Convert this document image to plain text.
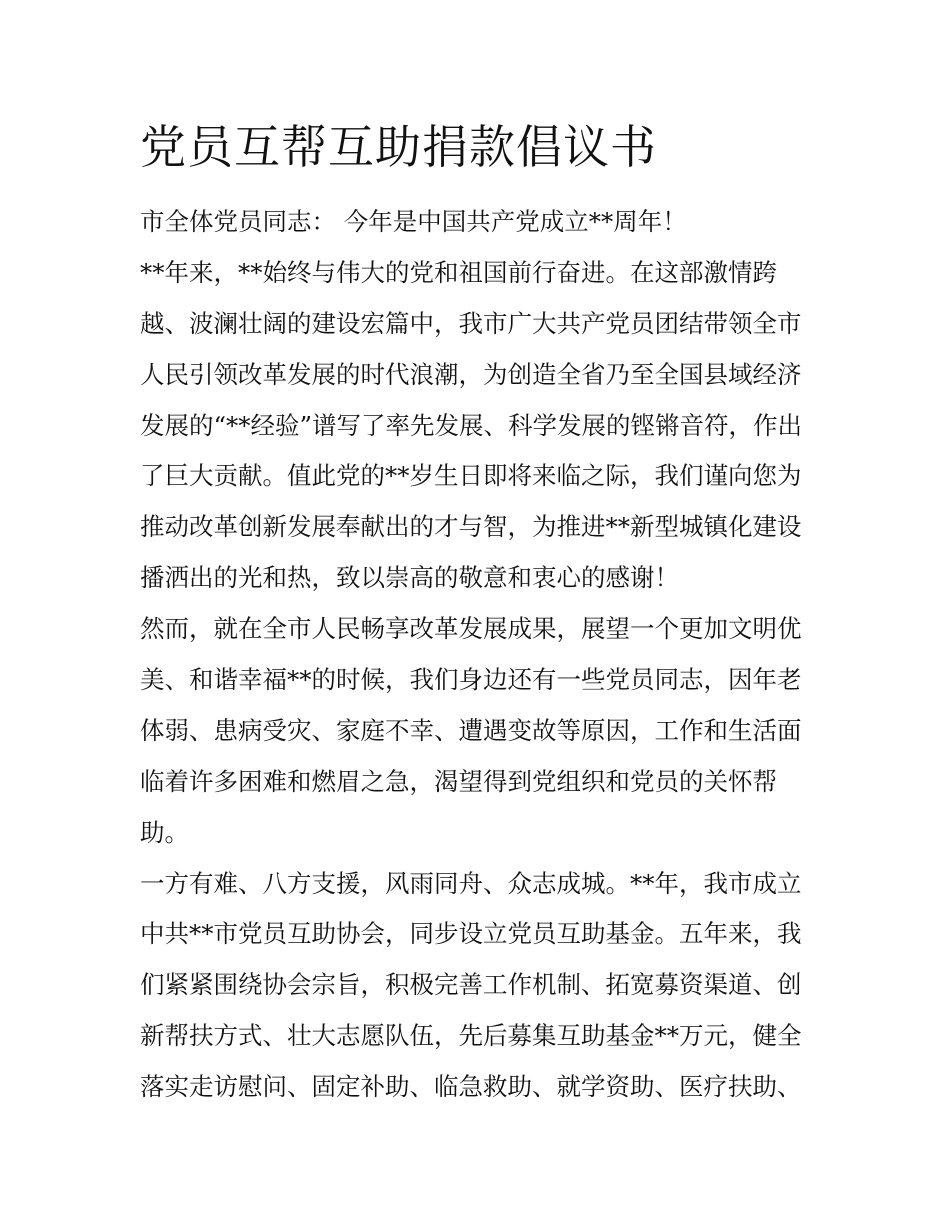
党员互帮互助捐款倡议书
市全体党员同志： 今年是中国共产党成立**周年！
**年来，**始终与伟大的党和祖国前行奋进。在这部激情跨
越、波澜壮阔的建设宏篇中，我市广大共产党员团结带领全市
人民引领改革发展的时代浪潮，为创造全省乃至全国县域经济
发展的“**经验”谱写了率先发展、科学发展的铿锵音符，作出
了巨大贡献。值此党的**岁生日即将来临之际，我们谨向您为
推动改革创新发展奉献出的才与智，为推进**新型城镇化建设
播洒出的光和热，致以崇高的敬意和衷心的感谢！
然而，就在全市人民畅享改革发展成果，展望一个更加文明优
美、和谐幸福**的时候，我们身边还有一些党员同志，因年老
体弱、患病受灾、家庭不幸、遭遇变故等原因，工作和生活面
临着许多困难和燃眉之急，渴望得到党组织和党员的关怀帮
助。
一方有难、八方支援，风雨同舟、众志成城。**年，我市成立
中共**市党员互助协会，同步设立党员互助基金。五年来，我
们紧紧围绕协会宗旨，积极完善工作机制、拓宽募资渠道、创
新帮扶方式、壮大志愿队伍，先后募集互助基金**万元，健全
落实走访慰问、固定补助、临急救助、就学资助、医疗扶助、
